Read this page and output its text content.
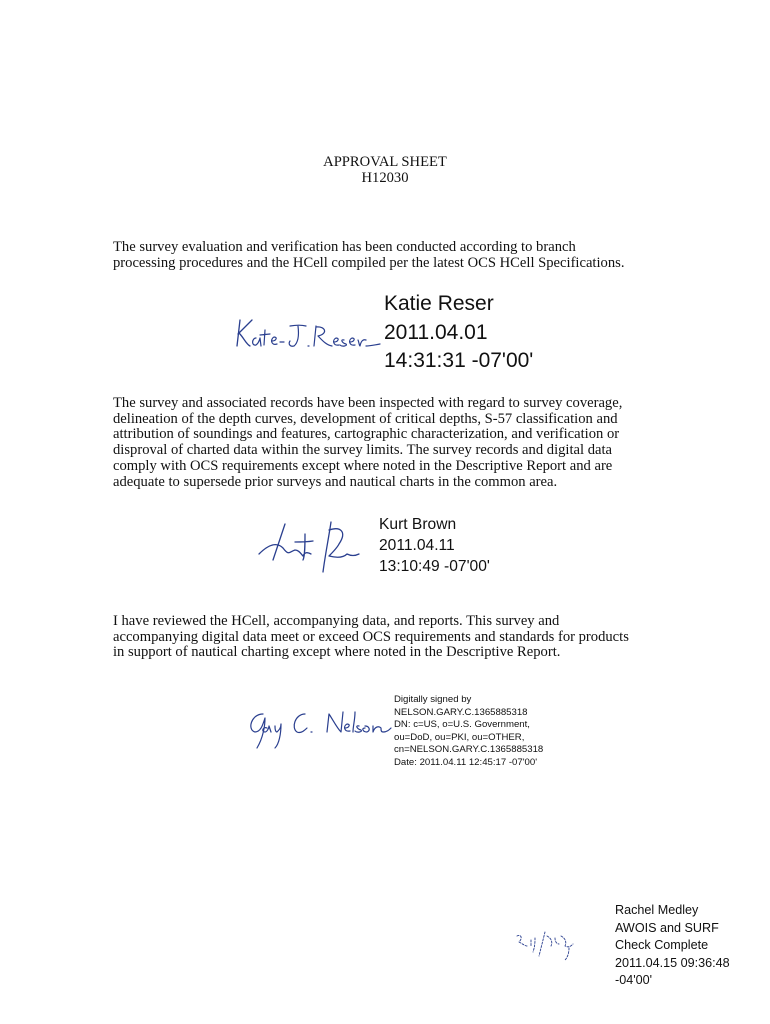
APPROVAL SHEET
H12030
The survey evaluation and verification has been conducted according to branch
processing procedures and the HCell compiled per the latest OCS HCell Specifications.
Katie Reser
2011.04.01
14:31:31 -07'00'
The survey and associated records have been inspected with regard to survey coverage,
delineation of the depth curves, development of critical depths, S-57 classification and
attribution of soundings and features, cartographic characterization, and verification or
disproval of charted data within the survey limits. The survey records and digital data
comply with OCS requirements except where noted in the Descriptive Report and are
adequate to supersede prior surveys and nautical charts in the common area.
Kurt Brown
2011.04.11
13:10:49 -07'00'
I have reviewed the HCell, accompanying data, and reports. This survey and
accompanying digital data meet or exceed OCS requirements and standards for products
in support of nautical charting except where noted in the Descriptive Report.
Digitally signed by
NELSON.GARY.C.1365885318
DN: c=US, o=U.S. Government,
ou=DoD, ou=PKI, ou=OTHER,
cn=NELSON.GARY.C.1365885318
Date: 2011.04.11 12:45:17 -07'00'
Rachel Medley
AWOIS and SURF
Check Complete
2011.04.15 09:36:48
-04'00'
